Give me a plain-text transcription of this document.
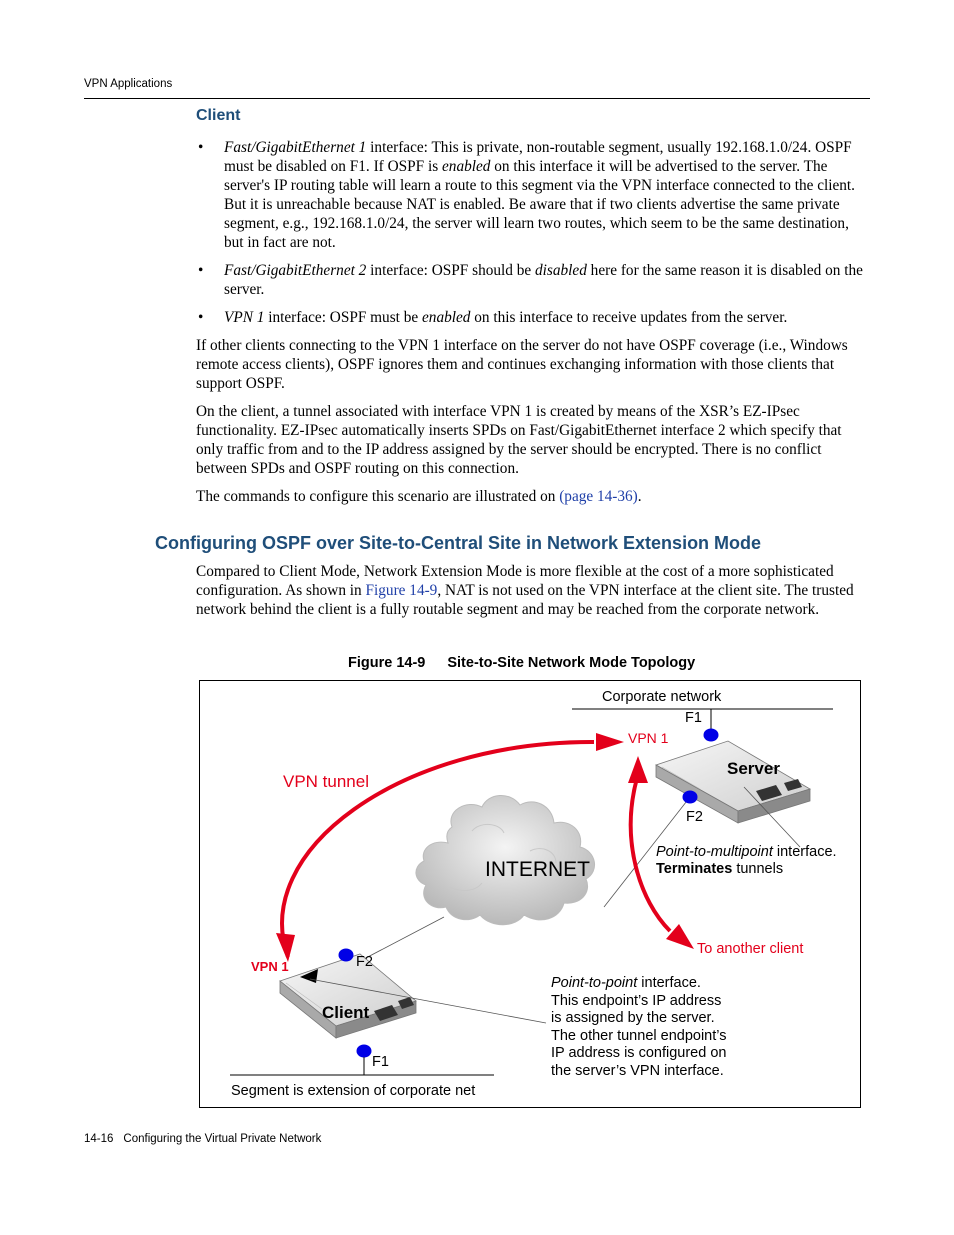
VPN Applications
Client
• Fast/GigabitEthernet 1 interface: This is private, non-routable segment, usually 192.168.1.0/24. OSPF must be disabled on F1. If OSPF is enabled on this interface it will be advertised to the server. The server's IP routing table will learn a route to this segment via the VPN interface connected to the client. But it is unreachable because NAT is enabled. Be aware that if two clients advertise the same private segment, e.g., 192.168.1.0/24, the server will learn two routes, which seem to be the same destination, but in fact are not.
• Fast/GigabitEthernet 2 interface: OSPF should be disabled here for the same reason it is disabled on the server.
• VPN 1 interface: OSPF must be enabled on this interface to receive updates from the server.

If other clients connecting to the VPN 1 interface on the server do not have OSPF coverage (i.e., Windows remote access clients), OSPF ignores them and continues exchanging information with those clients that support OSPF.

On the client, a tunnel associated with interface VPN 1 is created by means of the XSR’s EZ-IPsec functionality. EZ-IPsec automatically inserts SPDs on Fast/GigabitEthernet interface 2 which specify that only traffic from and to the IP address assigned by the server should be encrypted. There is no conflict between SPDs and OSPF routing on this connection.

The commands to configure this scenario are illustrated on (page 14-36).

Configuring OSPF over Site-to-Central Site in Network Extension Mode

Compared to Client Mode, Network Extension Mode is more flexible at the cost of a more sophisticated configuration. As shown in Figure 14-9, NAT is not used on the VPN interface at the client site. The trusted network behind the client is a fully routable segment and may be reached from the corporate network.

Figure 14-9 Site-to-Site Network Mode Topology
INTERNET
Corporate network
F1
VPN 1
Server
F2
Point-to-multipoint interface.
Terminates tunnels
VPN tunnel
To another client
Client
VPN 1	F2
F1
Segment is extension of corporate net
Point-to-point interface.
This endpoint’s IP address
is assigned by the server.
The other tunnel endpoint’s
IP address is configured on
the server’s VPN interface.
14-16 Configuring the Virtual Private Network
